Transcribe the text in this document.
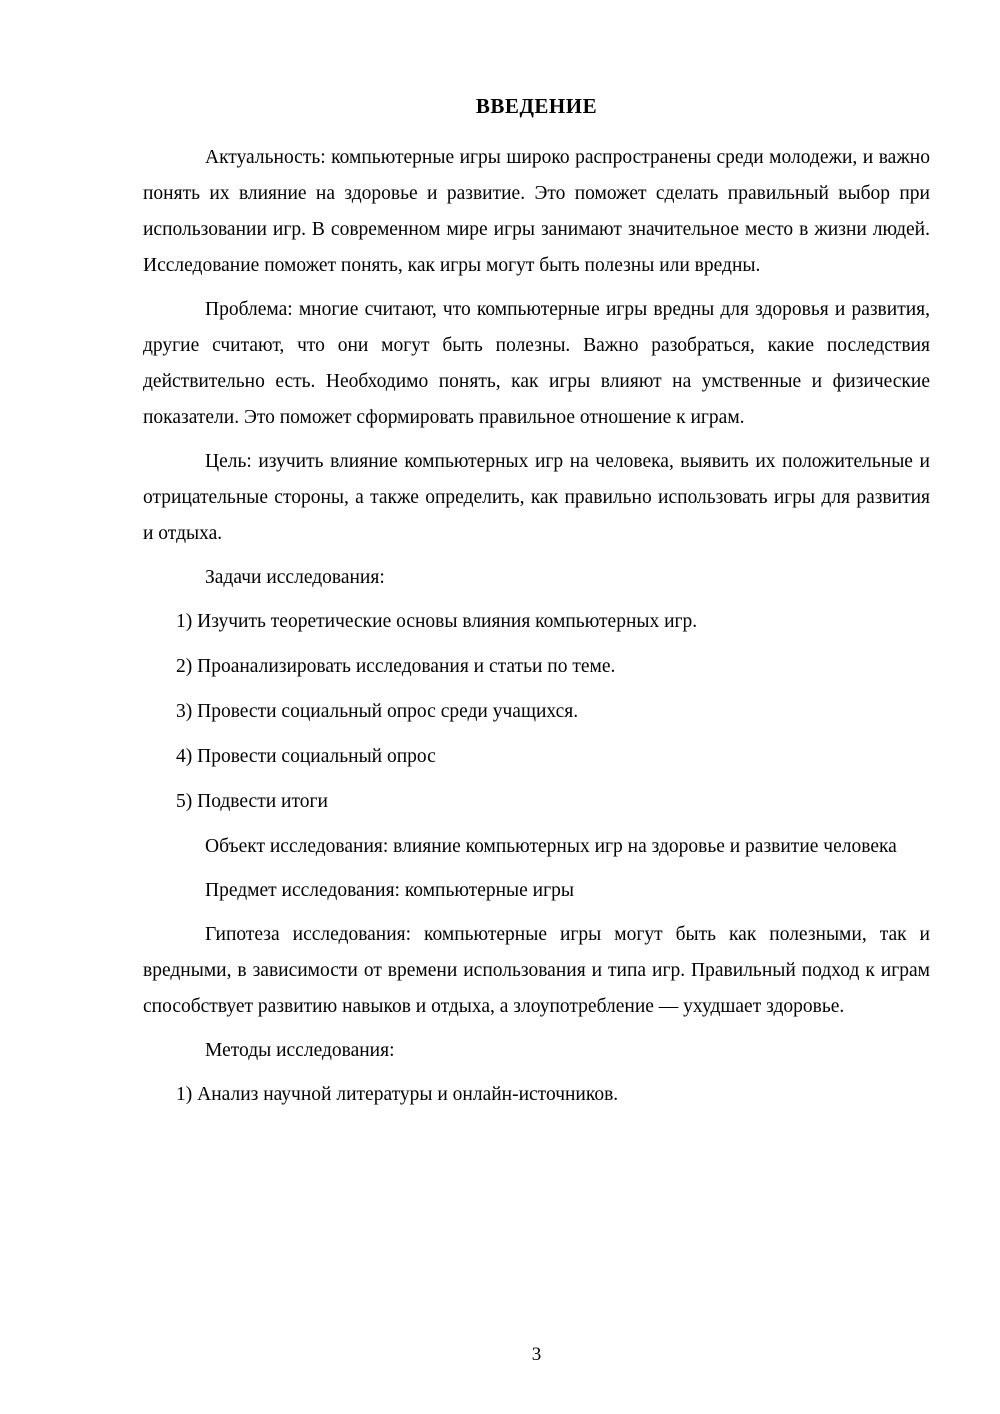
ВВЕДЕНИЕ

Актуальность: компьютерные игры широко распространены среди молодежи, и важно понять их влияние на здоровье и развитие. Это поможет сделать правильный выбор при использовании игр. В современном мире игры занимают значительное место в жизни людей. Исследование поможет понять, как игры могут быть полезны или вредны.

Проблема: многие считают, что компьютерные игры вредны для здоровья и развития, другие считают, что они могут быть полезны. Важно разобраться, какие последствия действительно есть. Необходимо понять, как игры влияют на умственные и физические показатели. Это поможет сформировать правильное отношение к играм.

Цель: изучить влияние компьютерных игр на человека, выявить их положительные и отрицательные стороны, а также определить, как правильно использовать игры для развития и отдыха.

Задачи исследования:

1) Изучить теоретические основы влияния компьютерных игр.

2) Проанализировать исследования и статьи по теме.

3) Провести социальный опрос среди учащихся.

4) Провести социальный опрос

5) Подвести итоги

Объект исследования: влияние компьютерных игр на здоровье и развитие человека

Предмет исследования: компьютерные игры

Гипотеза исследования: компьютерные игры могут быть как полезными, так и вредными, в зависимости от времени использования и типа игр. Правильный подход к играм способствует развитию навыков и отдыха, а злоупотребление — ухудшает здоровье.

Методы исследования:

1) Анализ научной литературы и онлайн-источников.

3
